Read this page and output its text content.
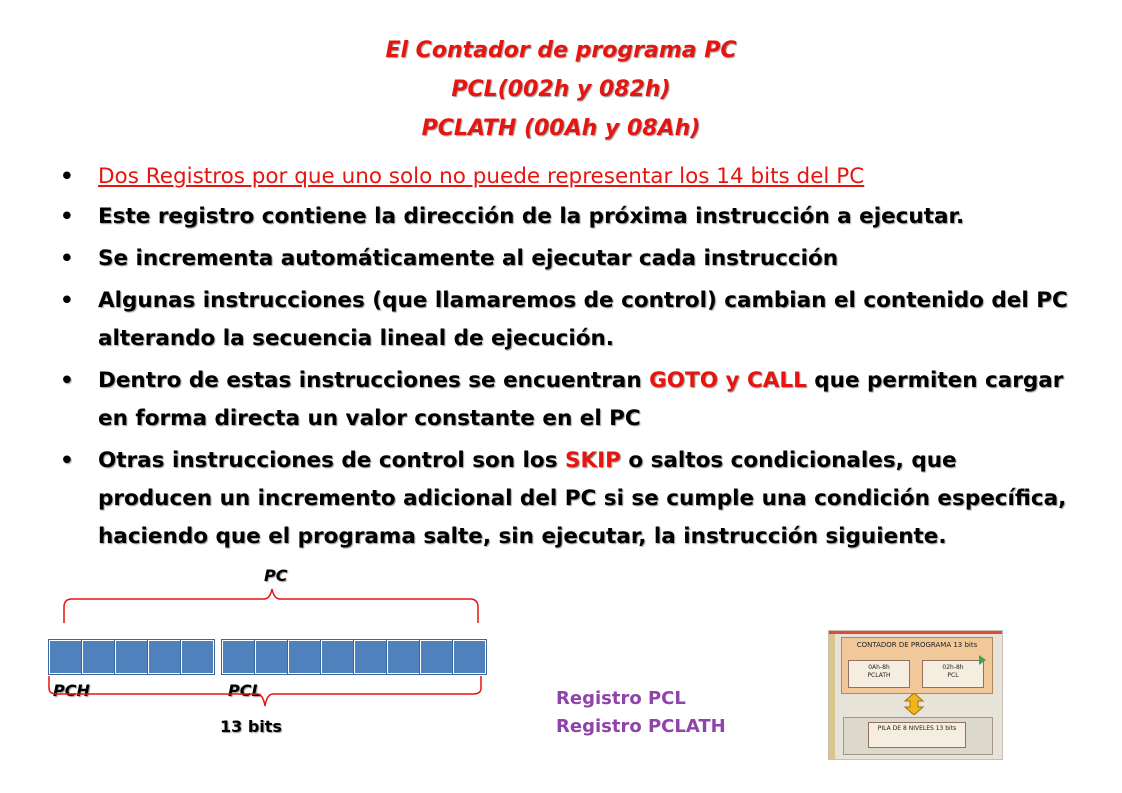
El Contador de programa PC
PCL(002h y 082h)
PCLATH (00Ah y 08Ah)
• Dos Registros por que uno solo no puede representar los 14 bits del PC
• Este registro contiene la dirección de la próxima instrucción a ejecutar.
• Se incrementa automáticamente al ejecutar cada instrucción
• Algunas instrucciones (que llamaremos de control) cambian el contenido del PC alterando la secuencia lineal de ejecución.
• Dentro de estas instrucciones se encuentran GOTO y CALL que permiten cargar en forma directa un valor constante en el PC
• Otras instrucciones de control son los SKIP o saltos condicionales, que producen un incremento adicional del PC si se cumple una condición específica, haciendo que el programa salte, sin ejecutar, la instrucción siguiente.
PC
PCH	PCL
13 bits
Registro PCL
Registro PCLATH
CONTADOR DE PROGRAMA 13 bits
0Ah-8h
PCLATH
02h-8h
PCL
PILA DE 8 NIVELES 13 bits
